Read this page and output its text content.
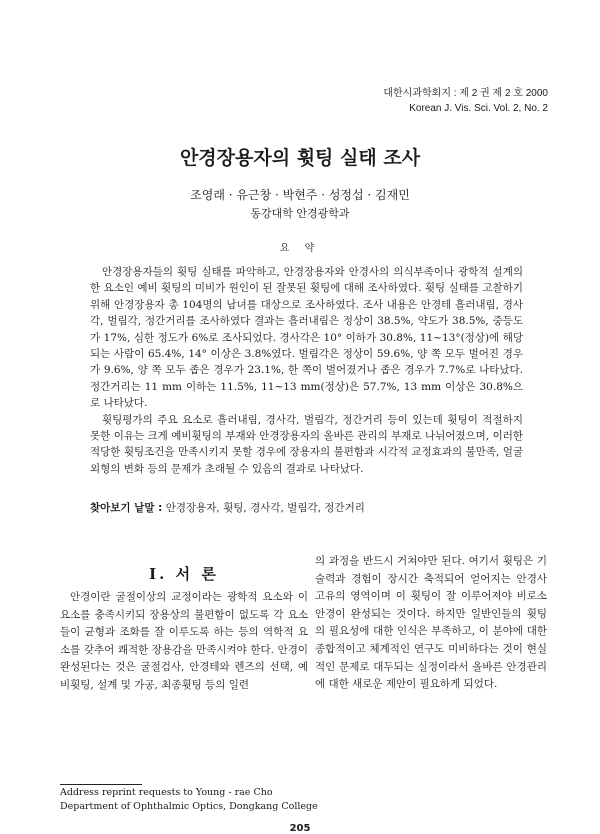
대한시과학회지 : 제 2 권 제 2 호 2000
Korean J. Vis. Sci. Vol. 2, No. 2
안경장용자의 휫팅 실태 조사
조영래 · 유근창 · 박현주 · 성정섭 · 김재민
동강대학 안경광학과
요 약

안경장용자들의 휫팅 실태를 파악하고, 안경장용자와 안경사의 의식부족이나 광학적 설계의 한 요소인 예비 휫팅의 미비가 원인이 된 잘못된 휫팅에 대해 조사하였다. 휫팅 실태를 고찰하기 위해 안경장용자 총 104명의 남녀를 대상으로 조사하였다. 조사 내용은 안경테 흘러내림, 경사각, 벌림각, 정간거리를 조사하였다 결과는 흘러내림은 정상이 38.5%, 약도가 38.5%, 중등도가 17%, 심한 정도가 6%로 조사되었다. 경사각은 10° 이하가 30.8%, 11~13°(정상)에 해당되는 사람이 65.4%, 14° 이상은 3.8%였다. 벌림각은 정상이 59.6%, 양 쪽 모두 벌어진 경우가 9.6%, 양 쪽 모두 좁은 경우가 23.1%, 한 쪽이 벌어졌거나 좁은 경우가 7.7%로 나타났다. 정간거리는 11 mm 이하는 11.5%, 11~13 mm(정상)은 57.7%, 13 mm 이상은 30.8%으로 나타났다.

휫팅평가의 주요 요소로 흘러내림, 경사각, 벌림각, 정간거리 등이 있는데 휫팅이 적절하지 못한 이유는 크게 예비휫팅의 부재와 안경장용자의 올바른 관리의 부재로 나뉘어졌으며, 이러한 적당한 휫팅조건을 만족시키지 못할 경우에 장용자의 불편함과 시각적 교정효과의 불만족, 얼굴외형의 변화 등의 문제가 초래될 수 있음의 결과로 나타났다.

찾아보기 낱말 : 안경장용자, 휫팅, 경사각, 벌림각, 정간거리
Ⅰ. 서 론

안경이란 굴절이상의 교정이라는 광학적 요소와 이 요소를 충족시키되 장용상의 불편함이 없도록 각 요소들이 균형과 조화를 잘 이루도록 하는 등의 역학적 요소를 갖추어 쾌적한 장용감을 만족시켜야 한다. 안경이 완성된다는 것은 굴절검사, 안경테와 렌즈의 선택, 예비휫팅, 설계 및 가공, 최종휫팅 등의 일련

의 과정을 반드시 거쳐야만 된다. 여기서 휫팅은 기술력과 경험이 장시간 축적되어 얻어지는 안경사 고유의 영역이며 이 휫팅이 잘 이루어져야 비로소 안경이 완성되는 것이다. 하지만 일반인들의 휫팅의 필요성에 대한 인식은 부족하고, 이 분야에 대한 종합적이고 체계적인 연구도 미비하다는 것이 현실적인 문제로 대두되는 실정이라서 올바른 안경관리에 대한 새로운 제안이 필요하게 되었다.

Address reprint requests to Young - rae Cho
Department of Ophthalmic Optics, Dongkang College
205
